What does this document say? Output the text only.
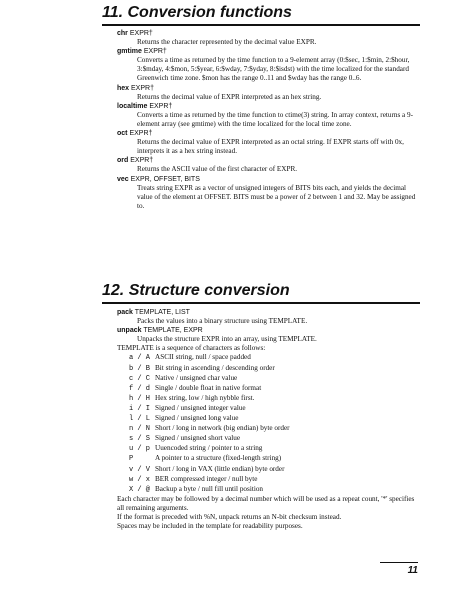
11. Conversion functions
chr EXPR†
Returns the character represented by the decimal value EXPR.
gmtime EXPR†
Converts a time as returned by the time function to a 9-element array (0:$sec, 1:$min, 2:$hour, 3:$mday, 4:$mon, 5:$year, 6:$wday, 7:$yday, 8:$isdst) with the time localized for the standard Greenwich time zone. $mon has the range 0..11 and $wday has the range 0..6.
hex EXPR†
Returns the decimal value of EXPR interpreted as an hex string.
localtime EXPR†
Converts a time as returned by the time function to ctime(3) string. In array context, returns a 9-element array (see gmtime) with the time localized for the local time zone.
oct EXPR†
Returns the decimal value of EXPR interpreted as an octal string. If EXPR starts off with 0x, interprets it as a hex string instead.
ord EXPR†
Returns the ASCII value of the first character of EXPR.
vec EXPR, OFFSET, BITS
Treats string EXPR as a vector of unsigned integers of BITS bits each, and yields the decimal value of the element at OFFSET. BITS must be a power of 2 between 1 and 32. May be assigned to.
12. Structure conversion
pack TEMPLATE, LIST
Packs the values into a binary structure using TEMPLATE.
unpack TEMPLATE, EXPR
Unpacks the structure EXPR into an array, using TEMPLATE.
TEMPLATE is a sequence of characters as follows:
a / A ASCII string, null / space padded
b / B Bit string in ascending / descending order
c / C Native / unsigned char value
f / d Single / double float in native format
h / H Hex string, low / high nybble first.
i / I Signed / unsigned integer value
l / L Signed / unsigned long value
n / N Short / long in network (big endian) byte order
s / S Signed / unsigned short value
u / p Uuencoded string / pointer to a string
P	A pointer to a structure (fixed-length string)
v / V Short / long in VAX (little endian) byte order
w / x BER compressed integer / null byte
X / @ Backup a byte / null fill until position
Each character may be followed by a decimal number which will be used as a repeat count, '*' specifies all remaining arguments.
If the format is preceded with %N, unpack returns an N-bit checksum instead.
Spaces may be included in the template for readability purposes.
11
